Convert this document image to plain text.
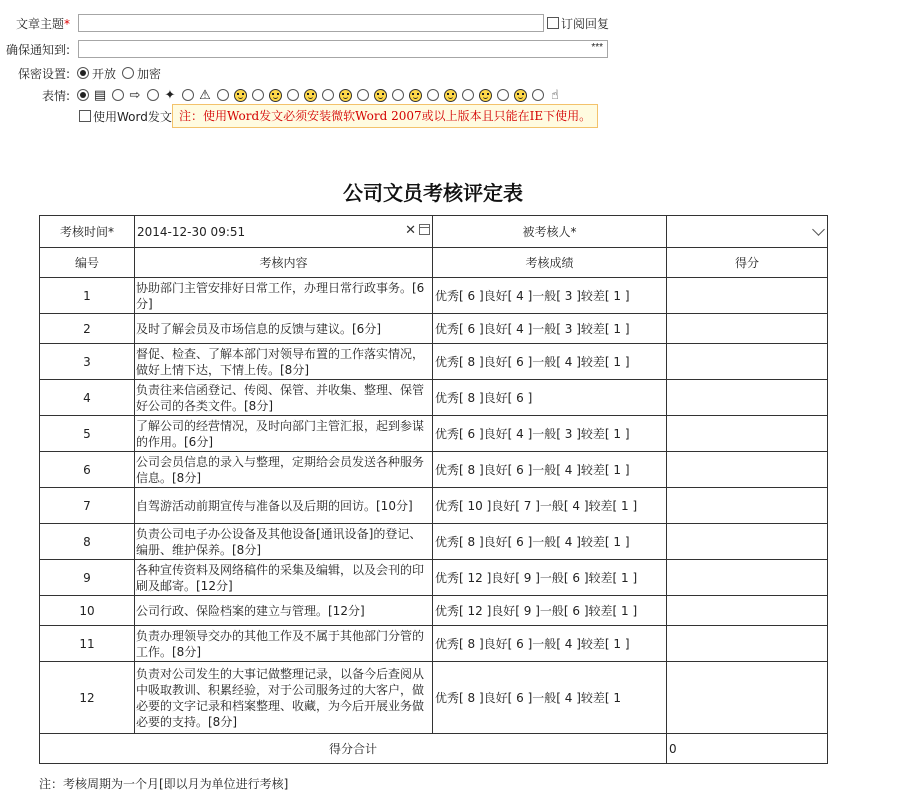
文章主题*	订阅回复
确保通知到:	***
保密设置:	开放 加密
表情:	▤ ⇨ ✦ ⚠	☝
使用Word发文 注：使用Word发文必须安装微软Word 2007或以上版本且只能在IE下使用。
公司文员考核评定表
考核时间*	2014-12-30 09:51 ✕	被考核人*	

编号	考核内容	考核成绩	得分
1	协助部门主管安排好日常工作，办理日常行政事务。[6分]	优秀[ 6 ]良好[ 4 ]一般[ 3 ]较差[ 1 ]	
2	及时了解会员及市场信息的反馈与建议。[6分]	优秀[ 6 ]良好[ 4 ]一般[ 3 ]较差[ 1 ]	
3	督促、检查、了解本部门对领导布置的工作落实情况，做好上情下达，下情上传。[8分]	优秀[ 8 ]良好[ 6 ]一般[ 4 ]较差[ 1 ]	
4	负责往来信函登记、传阅、保管、并收集、整理、保管好公司的各类文件。[8分]	优秀[ 8 ]良好[ 6 ]	
5	了解公司的经营情况，及时向部门主管汇报，起到参谋的作用。[6分]	优秀[ 6 ]良好[ 4 ]一般[ 3 ]较差[ 1 ]	
6	公司会员信息的录入与整理，定期给会员发送各种服务信息。[8分]	优秀[ 8 ]良好[ 6 ]一般[ 4 ]较差[ 1 ]	
7	自驾游活动前期宣传与准备以及后期的回访。[10分]	优秀[ 10 ]良好[ 7 ]一般[ 4 ]较差[ 1 ]	
8	负责公司电子办公设备及其他设备[通讯设备]的登记、编册、维护保养。[8分]	优秀[ 8 ]良好[ 6 ]一般[ 4 ]较差[ 1 ]	
9	各种宣传资料及网络稿件的采集及编辑，以及会刊的印刷及邮寄。[12分]	优秀[ 12 ]良好[ 9 ]一般[ 6 ]较差[ 1 ]	
10	公司行政、保险档案的建立与管理。[12分]	优秀[ 12 ]良好[ 9 ]一般[ 6 ]较差[ 1 ]	
11	负责办理领导交办的其他工作及不属于其他部门分管的工作。[8分]	优秀[ 8 ]良好[ 6 ]一般[ 4 ]较差[ 1 ]	
12	负责对公司发生的大事记做整理记录，以备今后查阅从中吸取教训、积累经验，对于公司服务过的大客户，做必要的文字记录和档案整理、收藏，为今后开展业务做必要的支持。[8分]	优秀[ 8 ]良好[ 6 ]一般[ 4 ]较差[ 1	
得分合计			0
注：考核周期为一个月[即以月为单位进行考核]
